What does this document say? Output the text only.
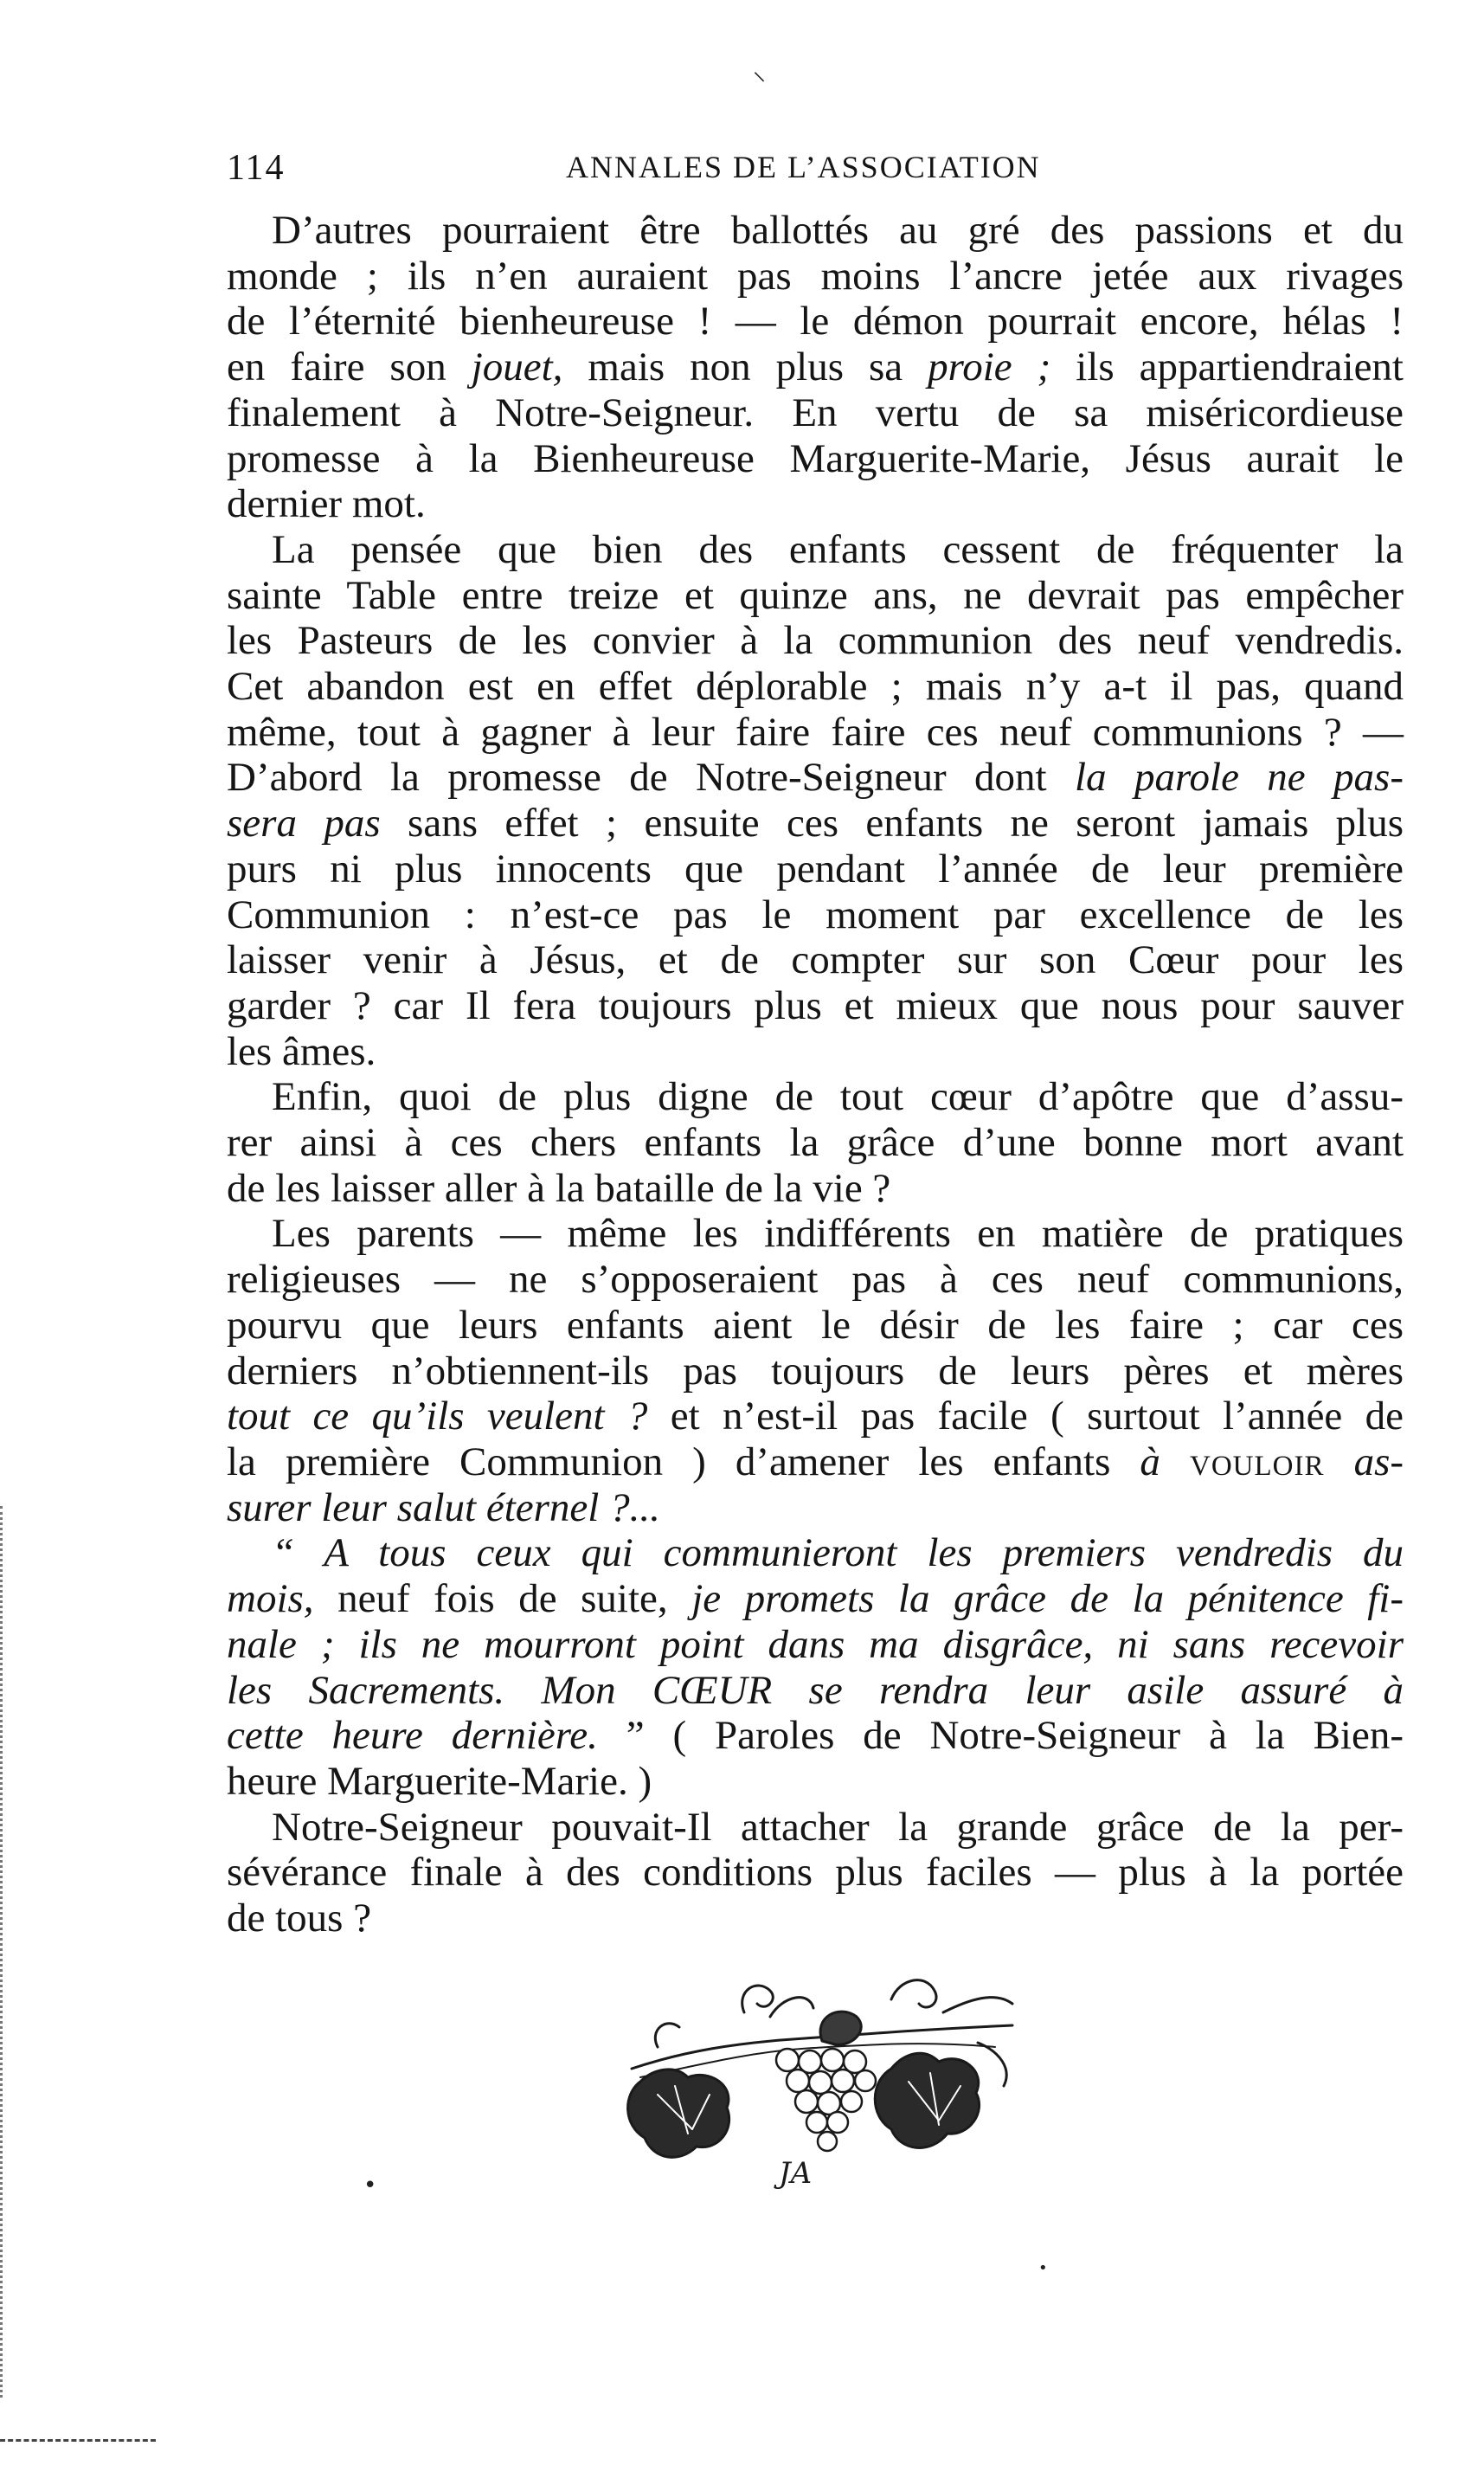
114	ANNALES DE L’ASSOCIATION
D’autres pourraient être ballottés au gré des passions et du
monde ; ils n’en auraient pas moins l’ancre jetée aux rivages
de l’éternité bienheureuse ! — le démon pourrait encore, hélas !
en faire son jouet, mais non plus sa proie ; ils appartiendraient
finalement à Notre-Seigneur. En vertu de sa miséricordieuse
promesse à la Bienheureuse Marguerite-Marie, Jésus aurait le
dernier mot.
La pensée que bien des enfants cessent de fréquenter la
sainte Table entre treize et quinze ans, ne devrait pas empêcher
les Pasteurs de les convier à la communion des neuf vendredis.
Cet abandon est en effet déplorable ; mais n’y a-t il pas, quand
même, tout à gagner à leur faire faire ces neuf communions ? —
D’abord la promesse de Notre-Seigneur dont la parole ne pas-
sera pas sans effet ; ensuite ces enfants ne seront jamais plus
purs ni plus innocents que pendant l’année de leur première
Communion : n’est-ce pas le moment par excellence de les
laisser venir à Jésus, et de compter sur son Cœur pour les
garder ? car Il fera toujours plus et mieux que nous pour sauver
les âmes.
Enfin, quoi de plus digne de tout cœur d’apôtre que d’assu-
rer ainsi à ces chers enfants la grâce d’une bonne mort avant
de les laisser aller à la bataille de la vie ?
Les parents — même les indifférents en matière de pratiques
religieuses — ne s’opposeraient pas à ces neuf communions,
pourvu que leurs enfants aient le désir de les faire ; car ces
derniers n’obtiennent-ils pas toujours de leurs pères et mères
tout ce qu’ils veulent ? et n’est-il pas facile ( surtout l’année de
la première Communion ) d’amener les enfants à vouloir as-
surer leur salut éternel ?...
“ A tous ceux qui communieront les premiers vendredis du
mois, neuf fois de suite, je promets la grâce de la pénitence fi-
nale ; ils ne mourront point dans ma disgrâce, ni sans recevoir
les Sacrements. Mon CŒUR se rendra leur asile assuré à
cette heure dernière. ” ( Paroles de Notre-Seigneur à la Bien-
heure Marguerite-Marie. )
Notre-Seigneur pouvait-Il attacher la grande grâce de la per-
sévérance finale à des conditions plus faciles — plus à la portée
de tous ?
JA
⸜
•
•
